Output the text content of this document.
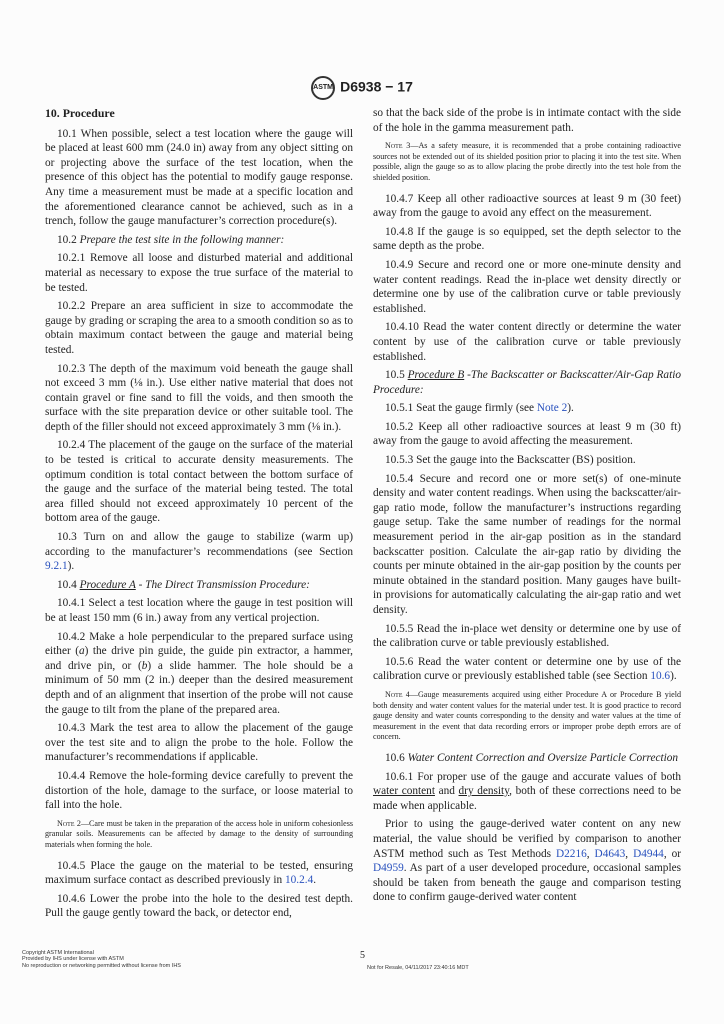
ASTM D6938 − 17

10. Procedure

10.1 When possible, select a test location where the gauge will be placed at least 600 mm (24.0 in) away from any object sitting on or projecting above the surface of the test location, when the presence of this object has the potential to modify gauge response. Any time a measurement must be made at a specific location and the aforementioned clearance cannot be achieved, such as in a trench, follow the gauge manufacturer’s correction procedure(s).

10.2 Prepare the test site in the following manner:

10.2.1 Remove all loose and disturbed material and additional material as necessary to expose the true surface of the material to be tested.

10.2.2 Prepare an area sufficient in size to accommodate the gauge by grading or scraping the area to a smooth condition so as to obtain maximum contact between the gauge and material being tested.

10.2.3 The depth of the maximum void beneath the gauge shall not exceed 3 mm (⅛ in.). Use either native material that does not contain gravel or fine sand to fill the voids, and then smooth the surface with the site preparation device or other suitable tool. The depth of the filler should not exceed approximately 3 mm (⅛ in.).

10.2.4 The placement of the gauge on the surface of the material to be tested is critical to accurate density measurements. The optimum condition is total contact between the bottom surface of the gauge and the surface of the material being tested. The total area filled should not exceed approximately 10 percent of the bottom area of the gauge.

10.3 Turn on and allow the gauge to stabilize (warm up) according to the manufacturer’s recommendations (see Section 9.2.1).

10.4 Procedure A - The Direct Transmission Procedure:

10.4.1 Select a test location where the gauge in test position will be at least 150 mm (6 in.) away from any vertical projection.

10.4.2 Make a hole perpendicular to the prepared surface using either (a) the drive pin guide, the guide pin extractor, a hammer, and drive pin, or (b) a slide hammer. The hole should be a minimum of 50 mm (2 in.) deeper than the desired measurement depth and of an alignment that insertion of the probe will not cause the gauge to tilt from the plane of the prepared area.

10.4.3 Mark the test area to allow the placement of the gauge over the test site and to align the probe to the hole. Follow the manufacturer’s recommendations if applicable.

10.4.4 Remove the hole-forming device carefully to prevent the distortion of the hole, damage to the surface, or loose material to fall into the hole.

Note 2—Care must be taken in the preparation of the access hole in uniform cohesionless granular soils. Measurements can be affected by damage to the density of surrounding materials when forming the hole.

10.4.5 Place the gauge on the material to be tested, ensuring maximum surface contact as described previously in 10.2.4.

10.4.6 Lower the probe into the hole to the desired test depth. Pull the gauge gently toward the back, or detector end,

so that the back side of the probe is in intimate contact with the side of the hole in the gamma measurement path.

Note 3—As a safety measure, it is recommended that a probe containing radioactive sources not be extended out of its shielded position prior to placing it into the test site. When possible, align the gauge so as to allow placing the probe directly into the test hole from the shielded position.

10.4.7 Keep all other radioactive sources at least 9 m (30 feet) away from the gauge to avoid any effect on the measurement.

10.4.8 If the gauge is so equipped, set the depth selector to the same depth as the probe.

10.4.9 Secure and record one or more one-minute density and water content readings. Read the in-place wet density directly or determine one by use of the calibration curve or table previously established.

10.4.10 Read the water content directly or determine the water content by use of the calibration curve or table previously established.

10.5 Procedure B -The Backscatter or Backscatter/Air-Gap Ratio Procedure:

10.5.1 Seat the gauge firmly (see Note 2).

10.5.2 Keep all other radioactive sources at least 9 m (30 ft) away from the gauge to avoid affecting the measurement.

10.5.3 Set the gauge into the Backscatter (BS) position.

10.5.4 Secure and record one or more set(s) of one-minute density and water content readings. When using the backscatter/air-gap ratio mode, follow the manufacturer’s instructions regarding gauge setup. Take the same number of readings for the normal measurement period in the air-gap position as in the standard backscatter position. Calculate the air-gap ratio by dividing the counts per minute obtained in the air-gap position by the counts per minute obtained in the standard position. Many gauges have built-in provisions for automatically calculating the air-gap ratio and wet density.

10.5.5 Read the in-place wet density or determine one by use of the calibration curve or table previously established.

10.5.6 Read the water content or determine one by use of the calibration curve or previously established table (see Section 10.6).

Note 4—Gauge measurements acquired using either Procedure A or Procedure B yield both density and water content values for the material under test. It is good practice to record gauge density and water counts corresponding to the density and water values at the time of measurement in the event that data recording errors or improper probe depth errors are of concern.

10.6 Water Content Correction and Oversize Particle Correction

10.6.1 For proper use of the gauge and accurate values of both water content and dry density, both of these corrections need to be made when applicable.

Prior to using the gauge-derived water content on any new material, the value should be verified by comparison to another ASTM method such as Test Methods D2216, D4643, D4944, or D4959. As part of a user developed procedure, occasional samples should be taken from beneath the gauge and comparison testing done to confirm gauge-derived water content

Copyright ASTM International
Provided by IHS under license with ASTM
No reproduction or networking permitted without license from IHS
5
Not for Resale, 04/11/2017 23:40:16 MDT
